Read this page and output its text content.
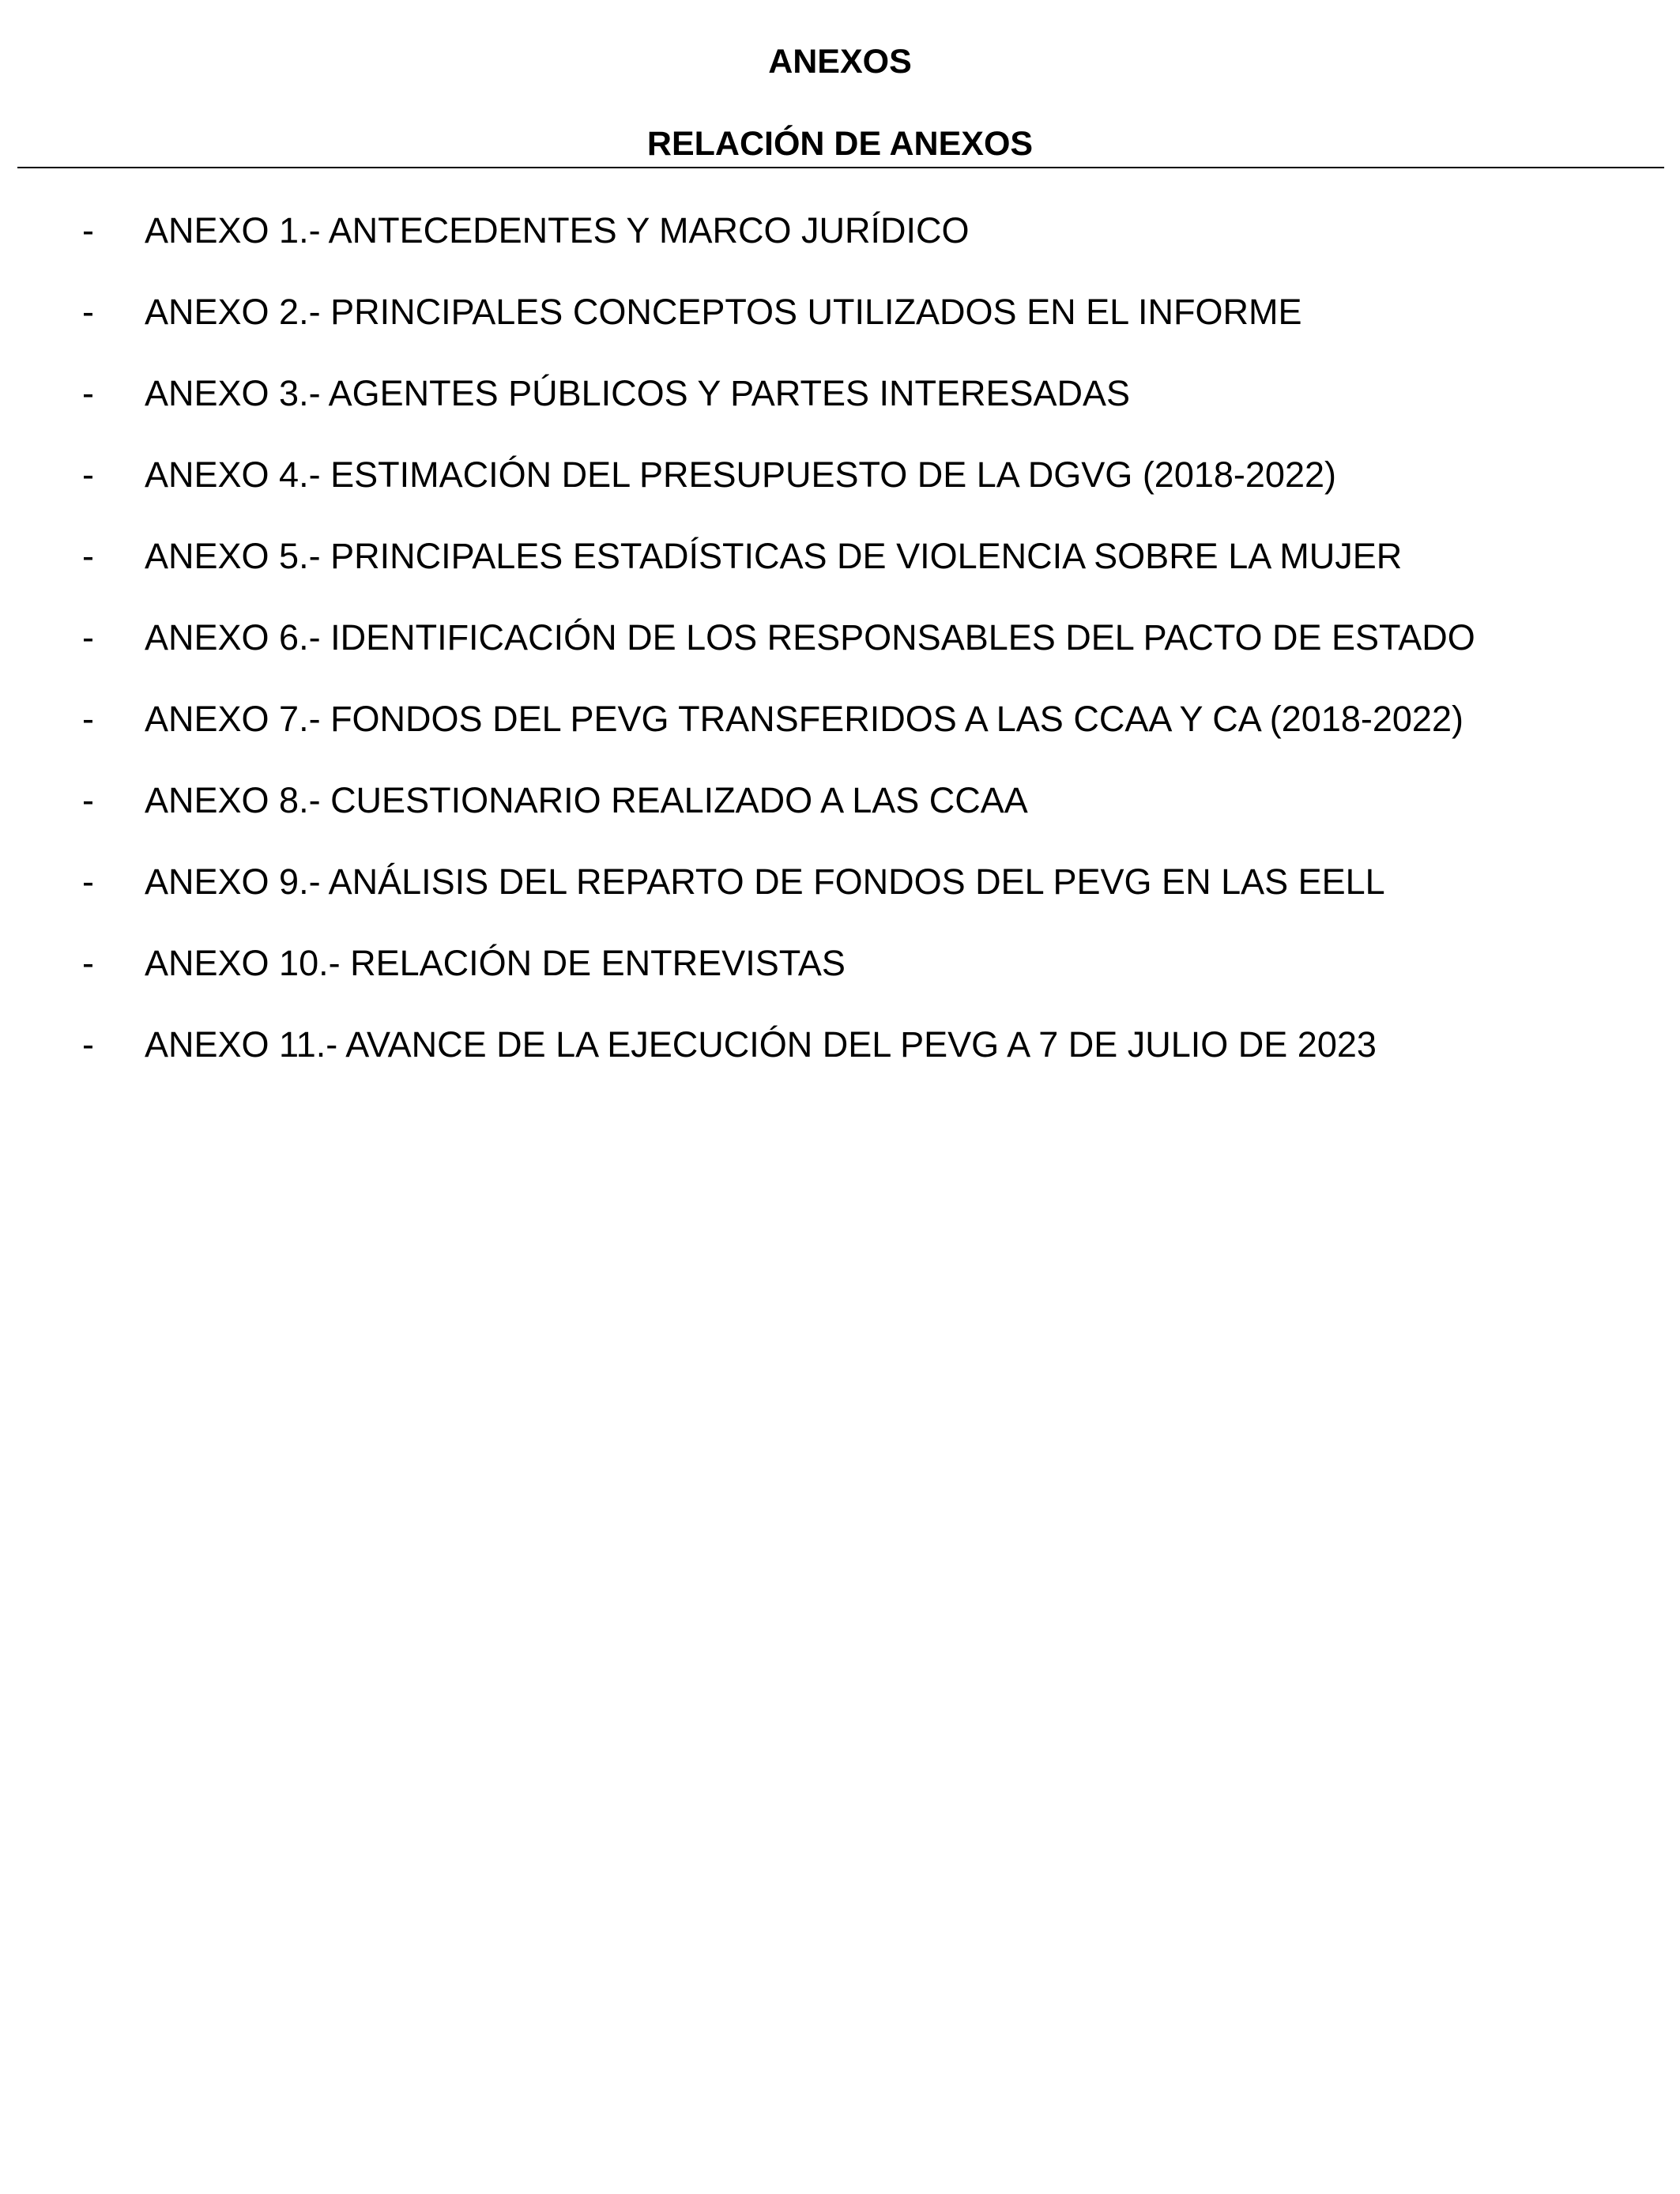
ANEXOS
RELACIÓN DE ANEXOS
- ANEXO 1.- ANTECEDENTES Y MARCO JURÍDICO
- ANEXO 2.- PRINCIPALES CONCEPTOS UTILIZADOS EN EL INFORME
- ANEXO 3.- AGENTES PÚBLICOS Y PARTES INTERESADAS
- ANEXO 4.- ESTIMACIÓN DEL PRESUPUESTO DE LA DGVG (2018-2022)
- ANEXO 5.- PRINCIPALES ESTADÍSTICAS DE VIOLENCIA SOBRE LA MUJER
- ANEXO 6.- IDENTIFICACIÓN DE LOS RESPONSABLES DEL PACTO DE ESTADO
- ANEXO 7.- FONDOS DEL PEVG TRANSFERIDOS A LAS CCAA Y CA (2018-2022)
- ANEXO 8.- CUESTIONARIO REALIZADO A LAS CCAA
- ANEXO 9.- ANÁLISIS DEL REPARTO DE FONDOS DEL PEVG EN LAS EELL
- ANEXO 10.- RELACIÓN DE ENTREVISTAS
- ANEXO 11.- AVANCE DE LA EJECUCIÓN DEL PEVG A 7 DE JULIO DE 2023
